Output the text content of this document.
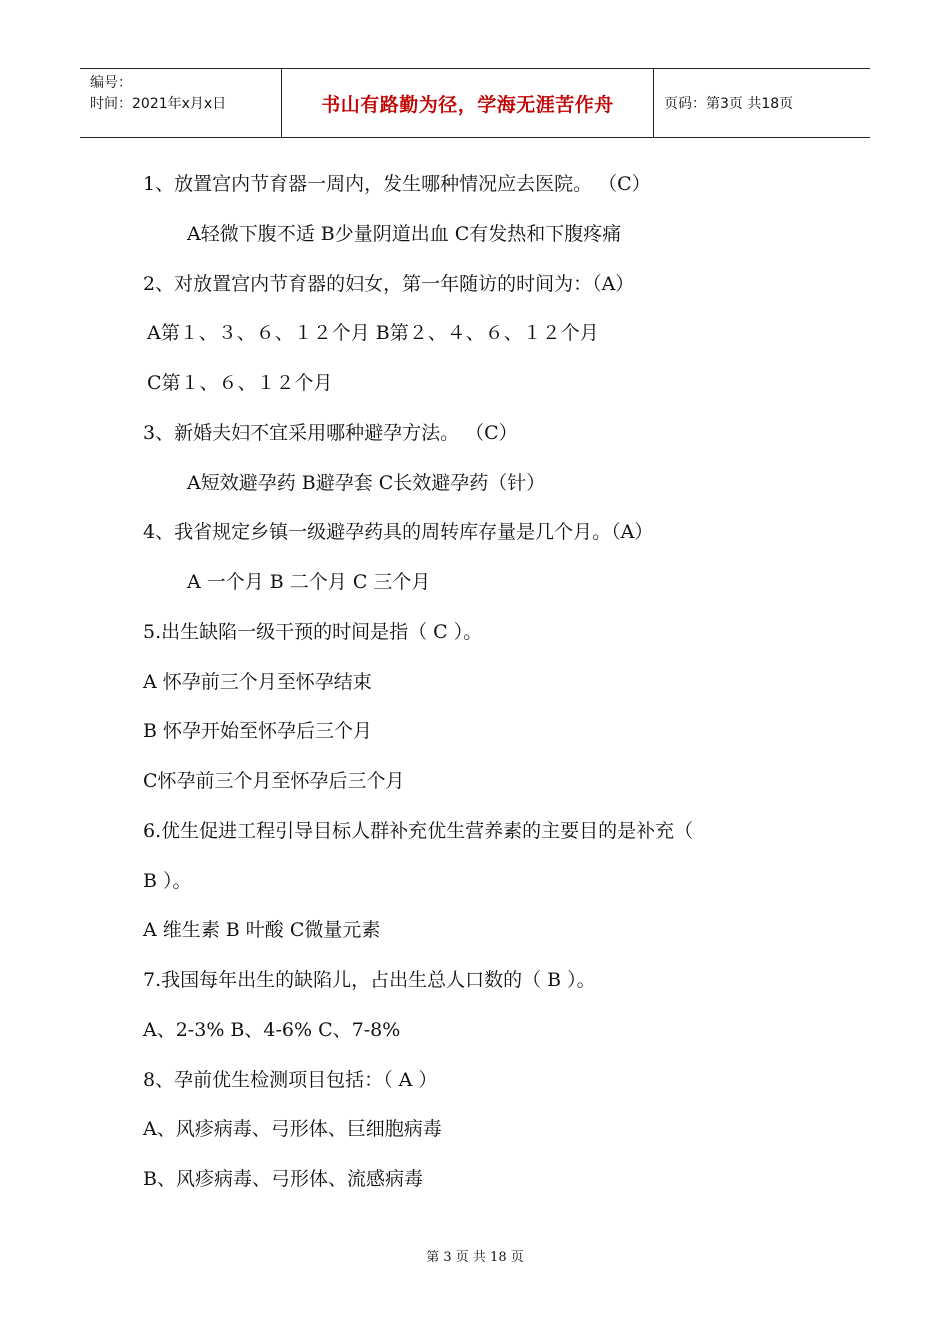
编号：
时间：2021年x月x日	书山有路勤为径，学海无涯苦作舟	页码：第3页 共18页
1、放置宫内节育器一周内，发生哪种情况应去医院。 （C）
A轻微下腹不适 B少量阴道出血 C有发热和下腹疼痛
2、对放置宫内节育器的妇女，第一年随访的时间为：（A）
A第１、３、６、１２个月 B第２、４、６、１２个月
C第１、６、１２个月
3、新婚夫妇不宜采用哪种避孕方法。 （C）
A短效避孕药 B避孕套 C长效避孕药（针）
4、我省规定乡镇一级避孕药具的周转库存量是几个月。（A）
A 一个月 B 二个月 C 三个月
5.出生缺陷一级干预的时间是指（ C ）。
A 怀孕前三个月至怀孕结束
B 怀孕开始至怀孕后三个月
C怀孕前三个月至怀孕后三个月
6.优生促进工程引导目标人群补充优生营养素的主要目的是补充（
B ）。
A 维生素 B 叶酸 C微量元素
7.我国每年出生的缺陷儿，占出生总人口数的（ B ）。
A、2-3% B、4-6% C、7-8%
8、孕前优生检测项目包括：（ A ）
A、风疹病毒、弓形体、巨细胞病毒
B、风疹病毒、弓形体、流感病毒
第 3 页 共 18 页
